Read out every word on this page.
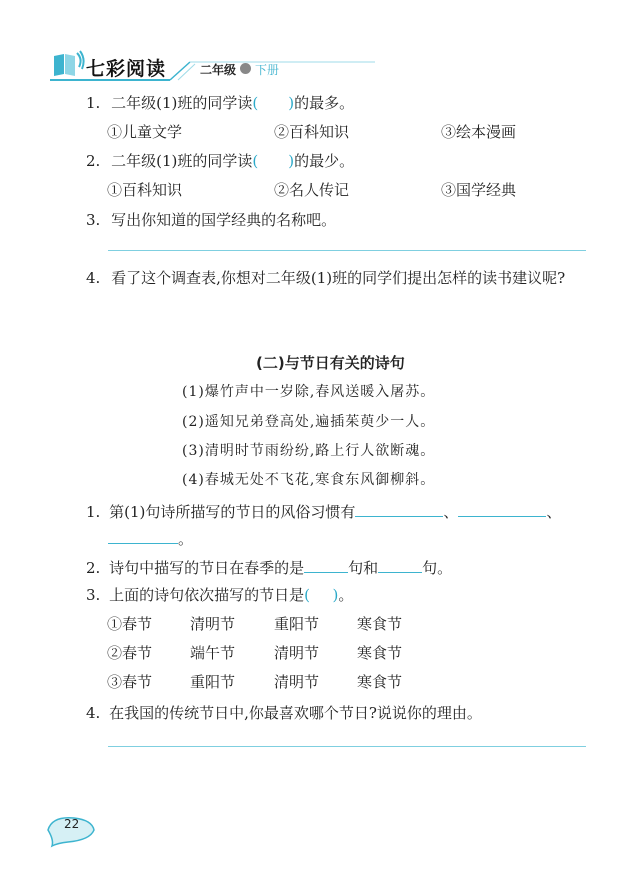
七彩阅读	二年级 下册
1. 二年级(1)班的同学读(  )的最多。
①儿童文学	②百科知识	③绘本漫画
2. 二年级(1)班的同学读(  )的最少。
①百科知识	②名人传记	③国学经典
3. 写出你知道的国学经典的名称吧。
4. 看了这个调查表,你想对二年级(1)班的同学们提出怎样的读书建议呢?
(二)与节日有关的诗句
(1)爆竹声中一岁除,春风送暖入屠苏。
(2)遥知兄弟登高处,遍插茱萸少一人。
(3)清明时节雨纷纷,路上行人欲断魂。
(4)春城无处不飞花,寒食东风御柳斜。
1. 第(1)句诗所描写的节日的风俗习惯有	、	、
。
2. 诗句中描写的节日在春季的是	句和	句。
3. 上面的诗句依次描写的节日是(   )。
①春节	清明节	重阳节	寒食节
②春节	端午节	清明节	寒食节
③春节	重阳节	清明节	寒食节
4. 在我国的传统节日中,你最喜欢哪个节日?说说你的理由。
22
